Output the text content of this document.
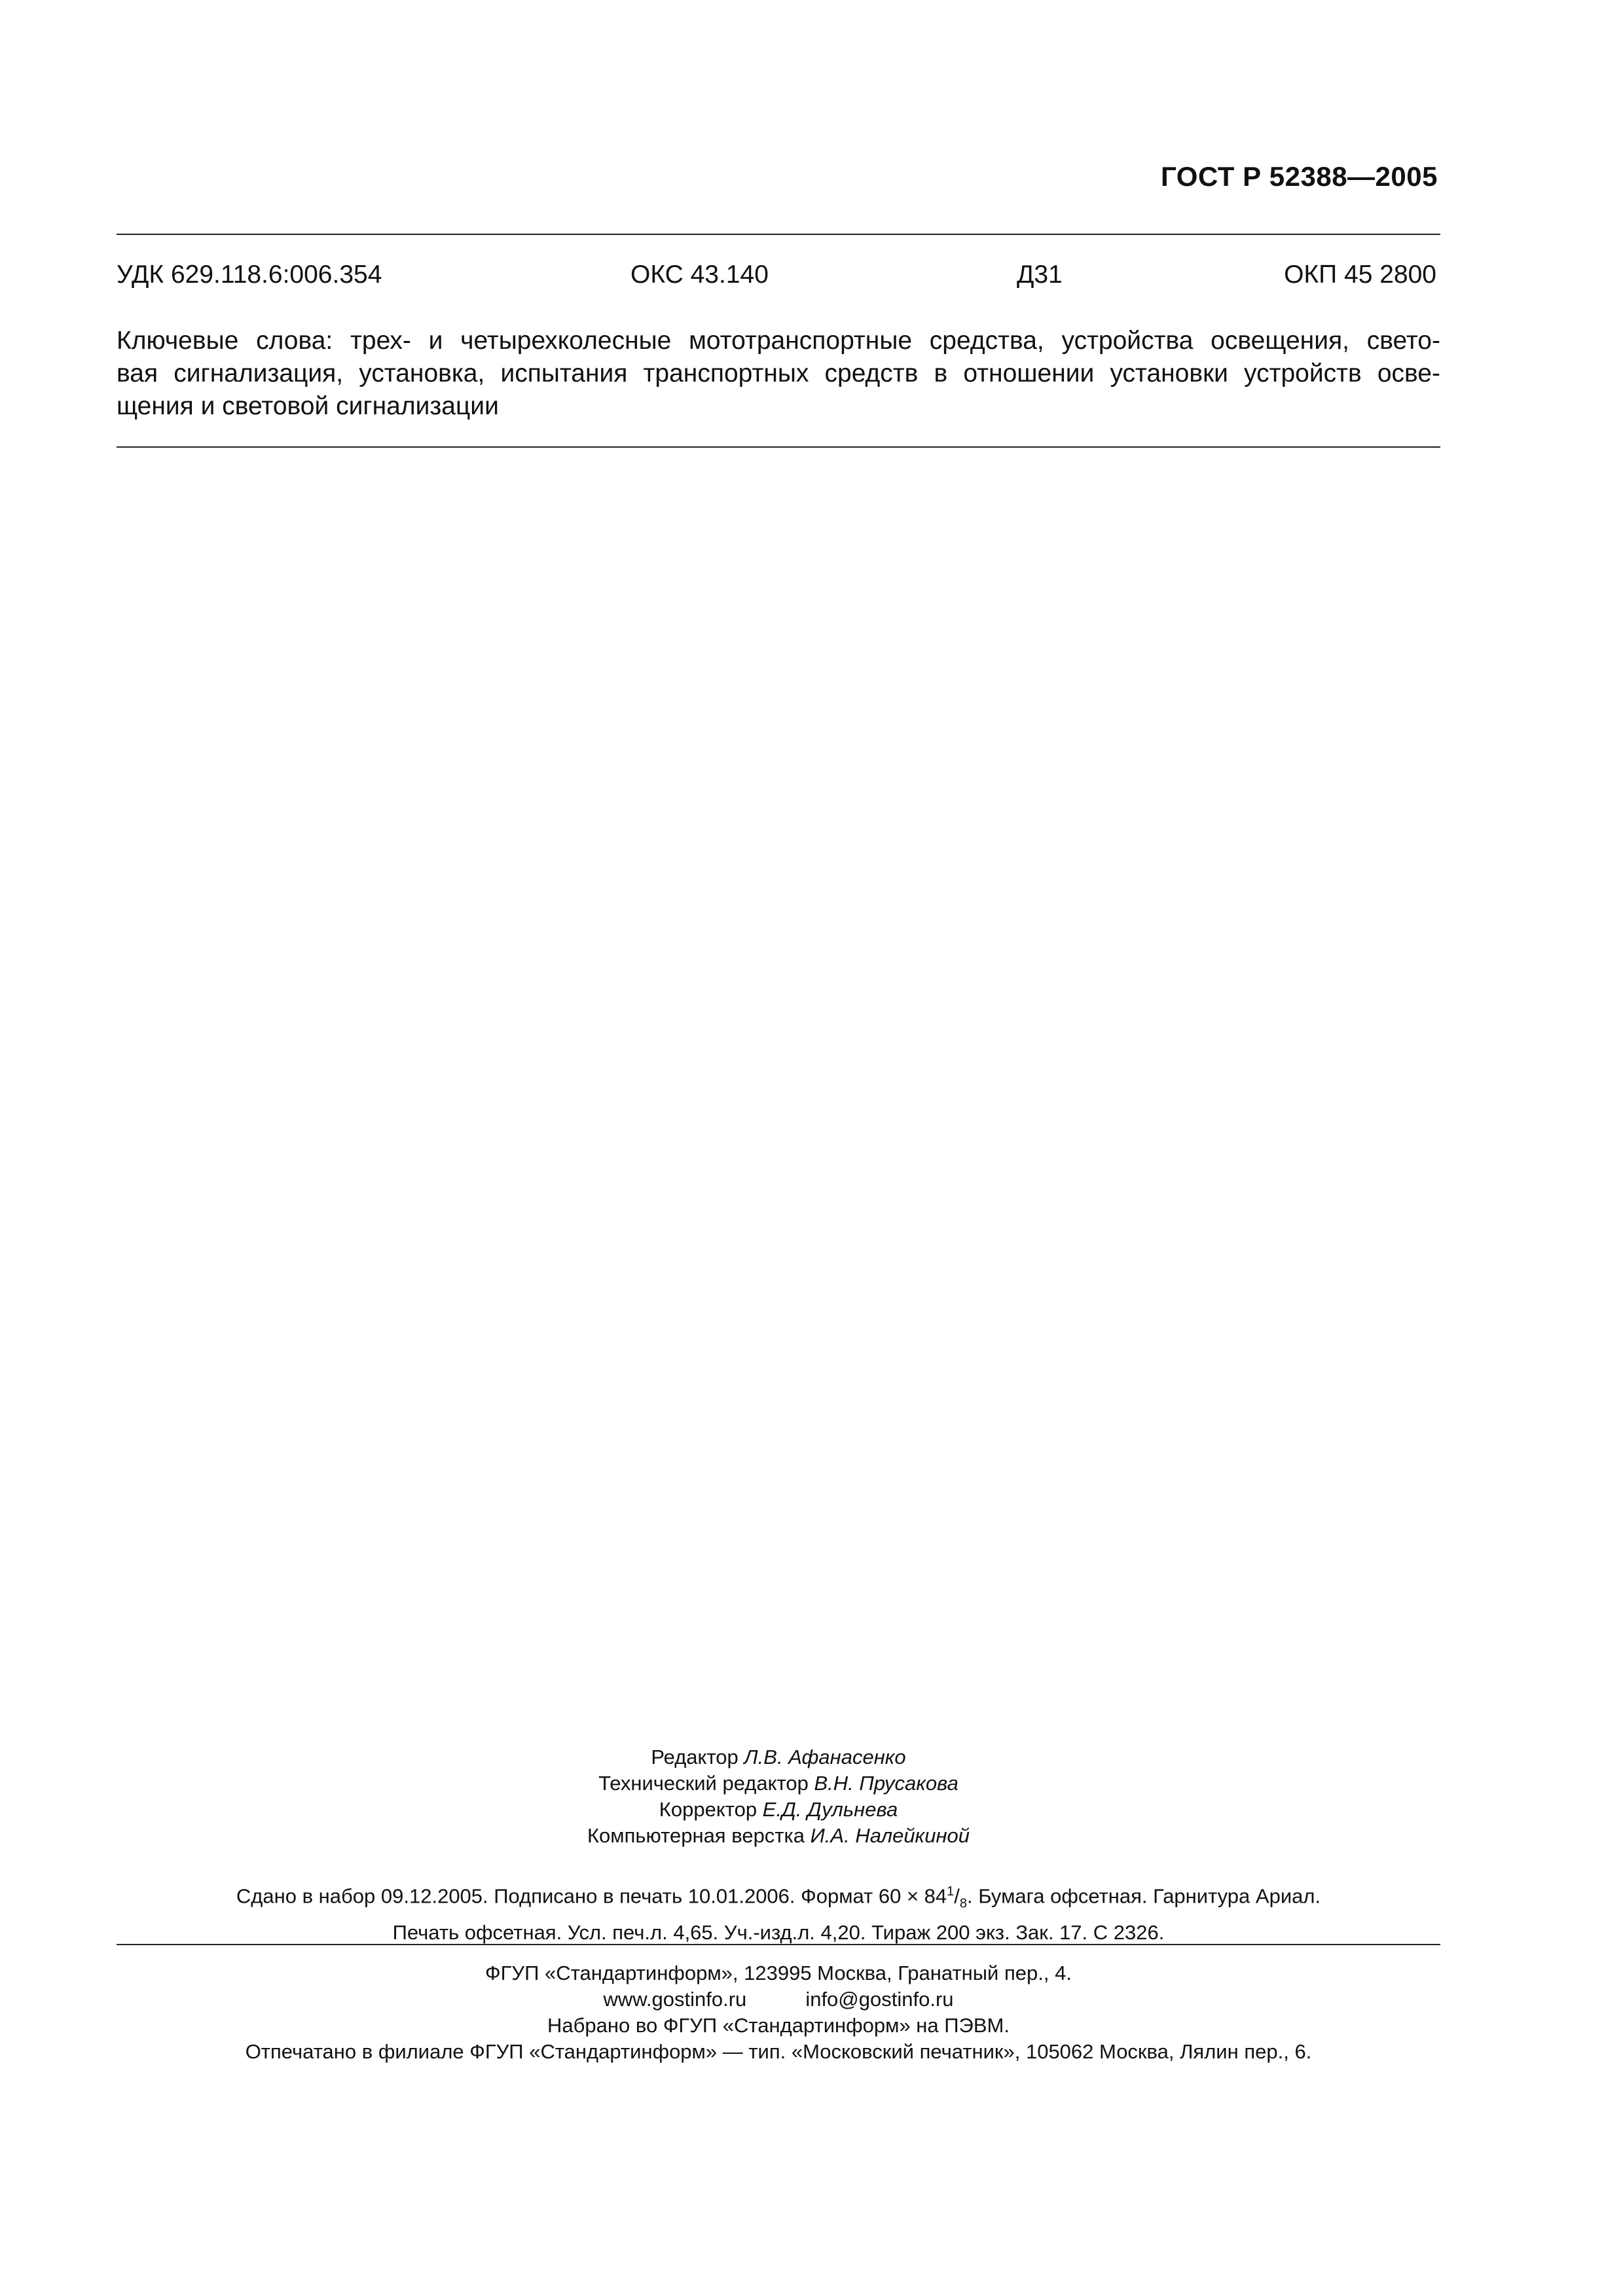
ГОСТ Р 52388—2005
УДК 629.118.6:006.354	ОКС 43.140	Д31	ОКП 45 2800
Ключевые слова: трех- и четырехколесные мототранспортные средства, устройства освещения, свето-
вая сигнализация, установка, испытания транспортных средств в отношении установки устройств осве-
щения и световой сигнализации
Редактор Л.В. Афанасенко
Технический редактор В.Н. Прусакова
Корректор Е.Д. Дульнева
Компьютерная верстка И.А. Налейкиной
Сдано в набор 09.12.2005. Подписано в печать 10.01.2006. Формат $60 \times 84^1/_8$. Бумага офсетная. Гарнитура Ариал.
Печать офсетная. Усл. печ.л. 4,65. Уч.-изд.л. 4,20. Тираж 200 экз. Зак. 17. С 2326.
ФГУП «Стандартинформ», 123995 Москва, Гранатный пер., 4.
www.gostinfo.ru	info@gostinfo.ru
Набрано во ФГУП «Стандартинформ» на ПЭВМ.
Отпечатано в филиале ФГУП «Стандартинформ» — тип. «Московский печатник», 105062 Москва, Лялин пер., 6.
